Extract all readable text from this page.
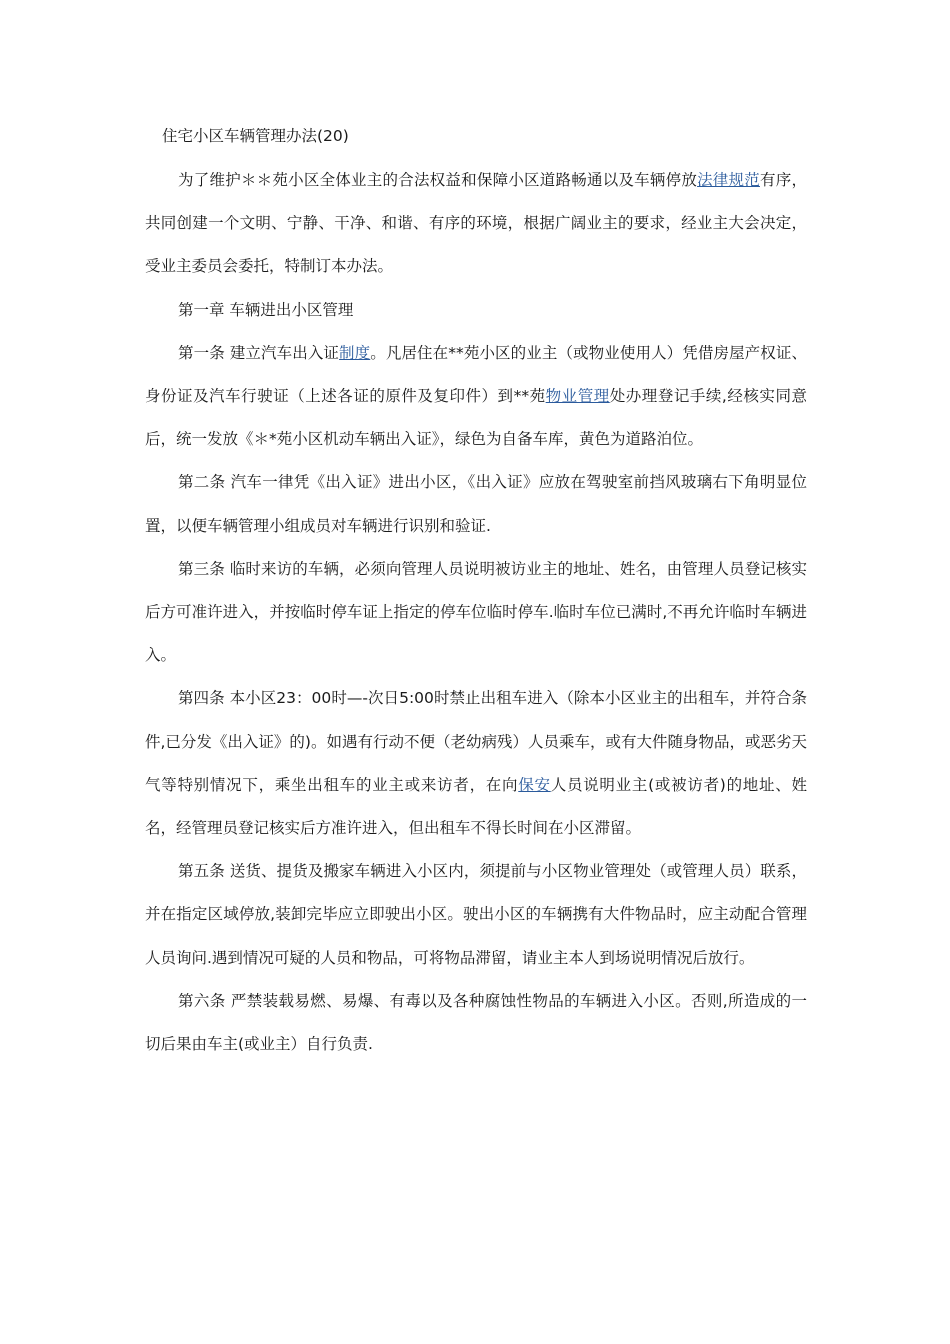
住宅小区车辆管理办法(20)

为了维护＊＊苑小区全体业主的合法权益和保障小区道路畅通以及车辆停放法律规范有序，共同创建一个文明、宁静、干净、和谐、有序的环境，根据广阔业主的要求，经业主大会决定，受业主委员会委托，特制订本办法。

第一章 车辆进出小区管理

第一条 建立汽车出入证制度。凡居住在**苑小区的业主（或物业使用人）凭借房屋产权证、身份证及汽车行驶证（上述各证的原件及复印件）到**苑物业管理处办理登记手续,经核实同意后，统一发放《＊*苑小区机动车辆出入证》，绿色为自备车库，黄色为道路泊位。

第二条 汽车一律凭《出入证》进出小区，《出入证》应放在驾驶室前挡风玻璃右下角明显位置，以便车辆管理小组成员对车辆进行识别和验证.

第三条 临时来访的车辆，必须向管理人员说明被访业主的地址、姓名，由管理人员登记核实后方可准许进入，并按临时停车证上指定的停车位临时停车.临时车位已满时,不再允许临时车辆进入。

第四条 本小区23：00时—-次日5:00时禁止出租车进入（除本小区业主的出租车，并符合条件,已分发《出入证》的)。如遇有行动不便（老幼病残）人员乘车，或有大件随身物品，或恶劣天气等特别情况下，乘坐出租车的业主或来访者，在向保安人员说明业主(或被访者)的地址、姓名，经管理员登记核实后方准许进入，但出租车不得长时间在小区滞留。

第五条 送货、提货及搬家车辆进入小区内，须提前与小区物业管理处（或管理人员）联系，并在指定区域停放,装卸完毕应立即驶出小区。驶出小区的车辆携有大件物品时，应主动配合管理人员询问.遇到情况可疑的人员和物品，可将物品滞留，请业主本人到场说明情况后放行。

第六条 严禁装载易燃、易爆、有毒以及各种腐蚀性物品的车辆进入小区。否则,所造成的一切后果由车主(或业主）自行负责.
